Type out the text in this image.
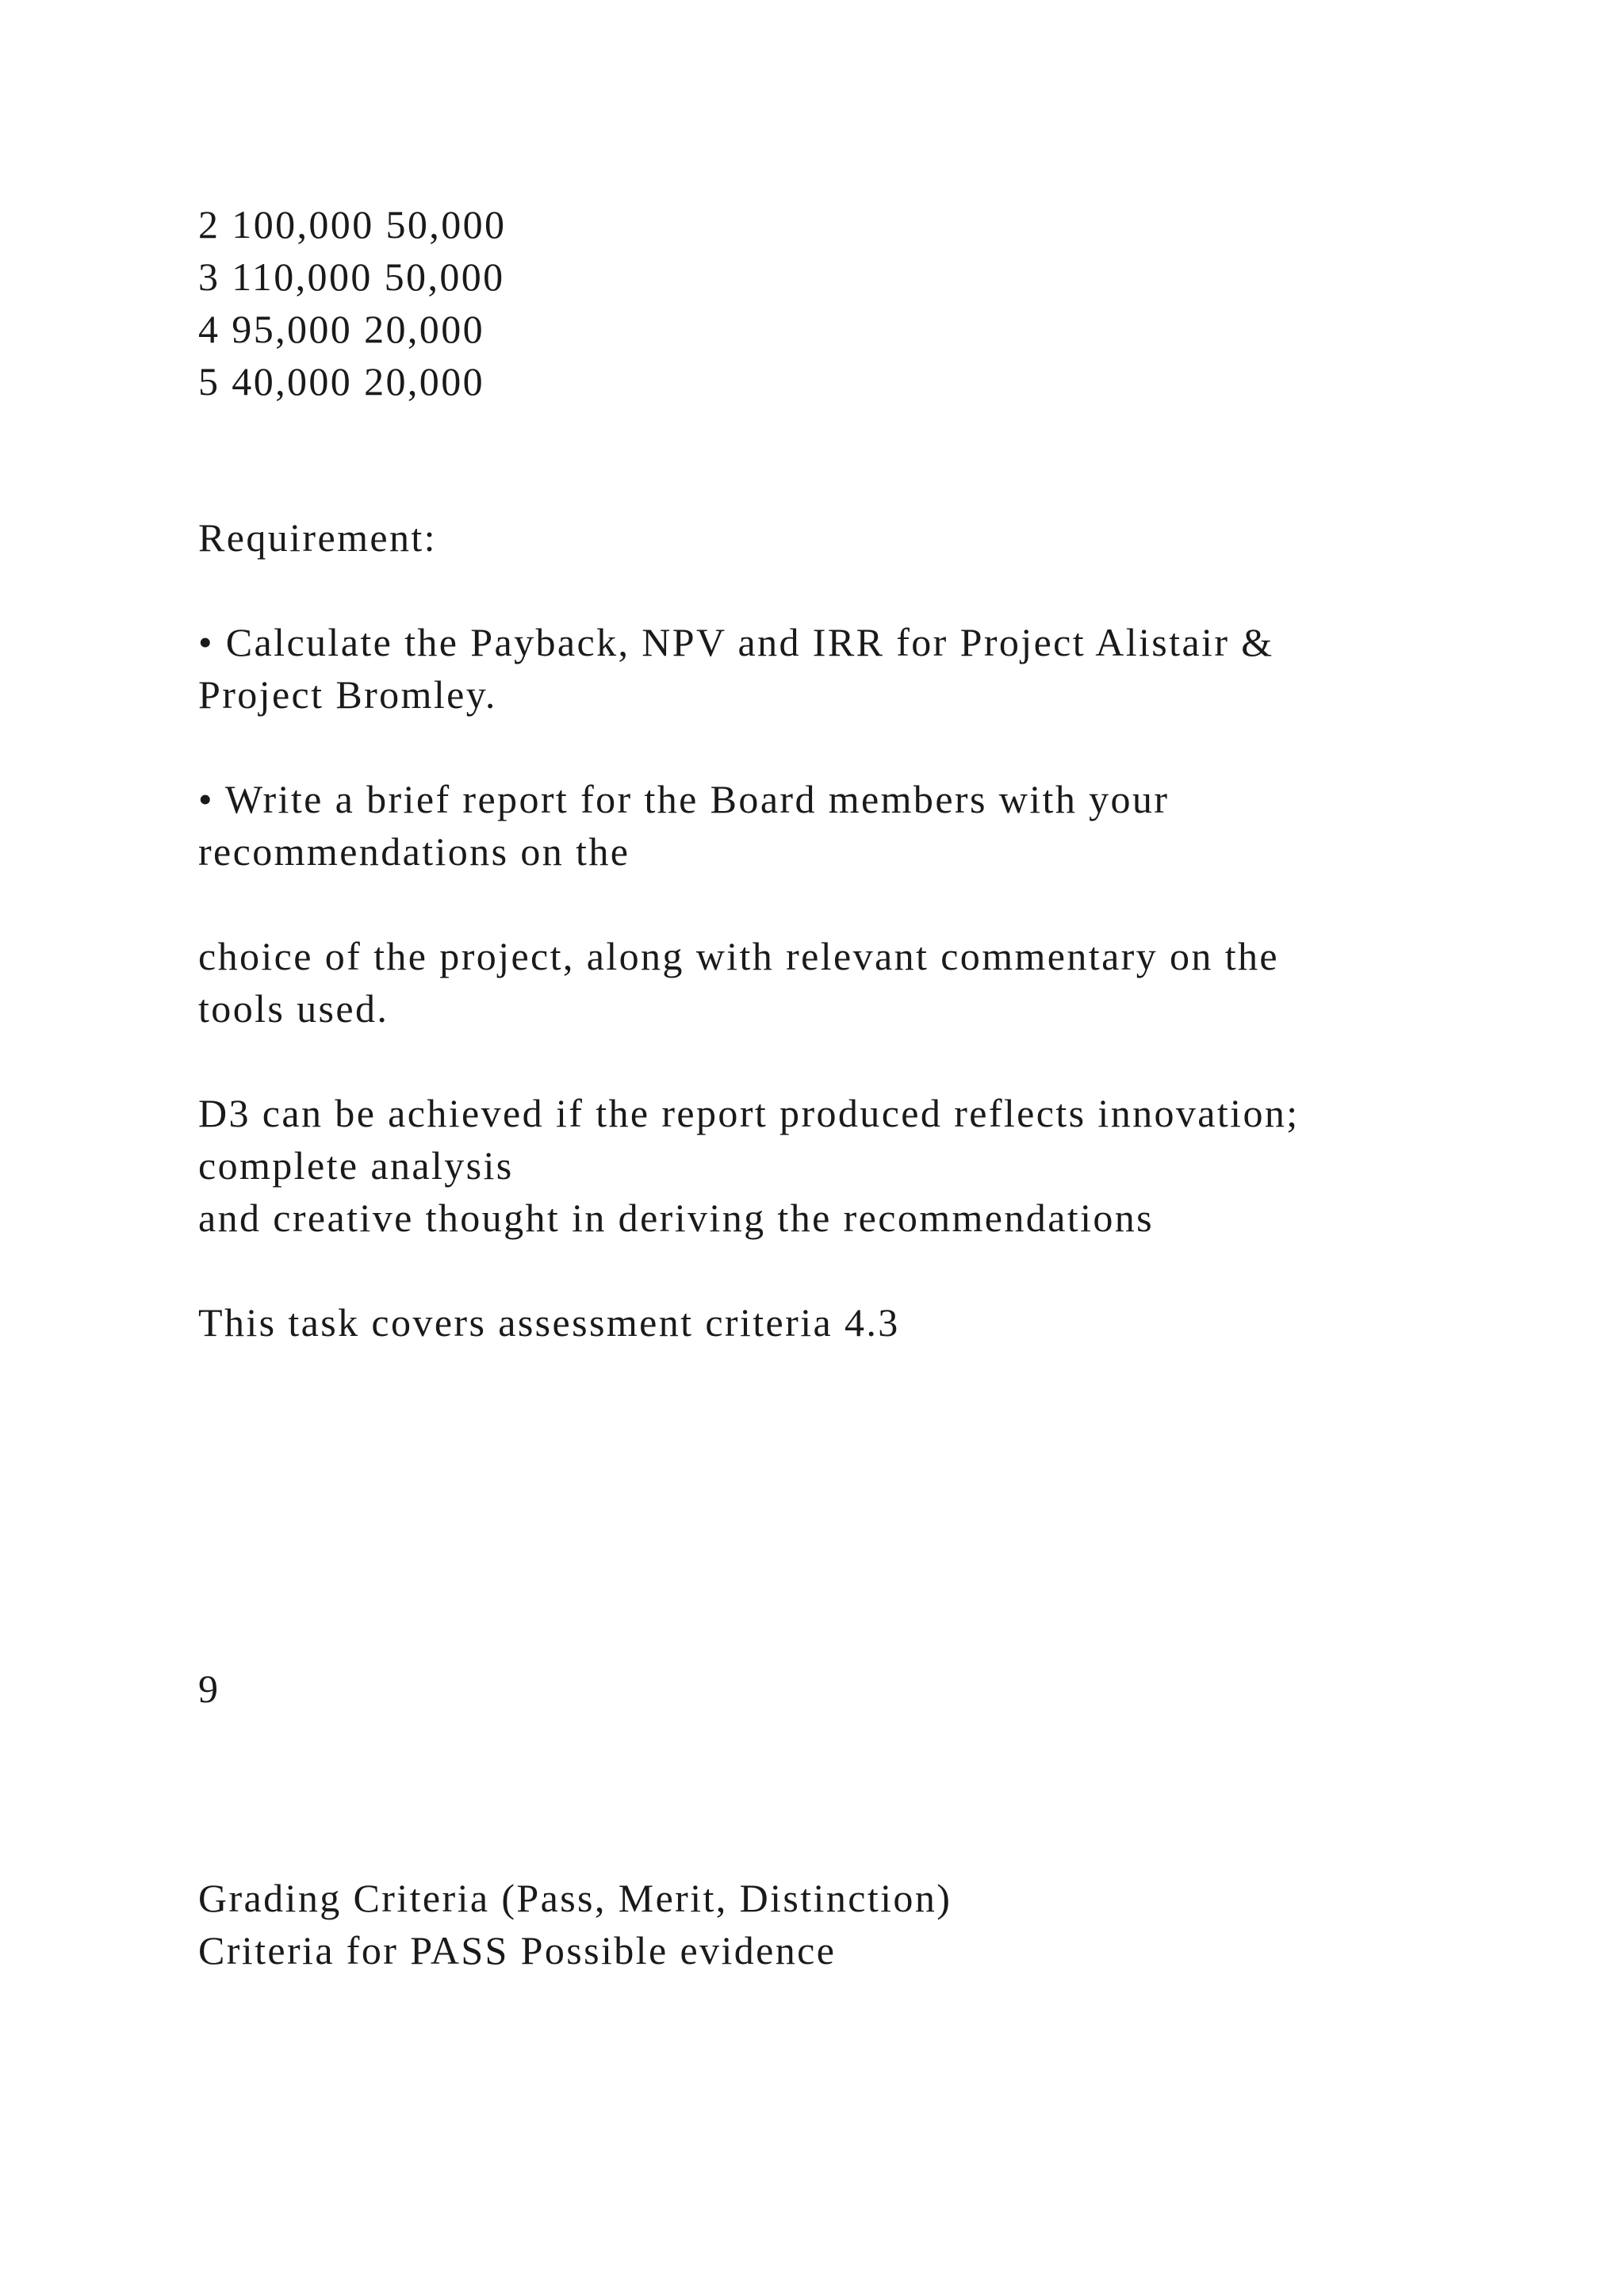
2 100,000 50,000

3 110,000 50,000

4 95,000 20,000

5 40,000 20,000

Requirement:

• Calculate the Payback, NPV and IRR for Project Alistair &

Project Bromley.

• Write a brief report for the Board members with your

recommendations on the

choice of the project, along with relevant commentary on the

tools used.

D3 can be achieved if the report produced reflects innovation;

complete analysis

and creative thought in deriving the recommendations

This task covers assessment criteria 4.3

9

Grading Criteria (Pass, Merit, Distinction)

Criteria for PASS Possible evidence
